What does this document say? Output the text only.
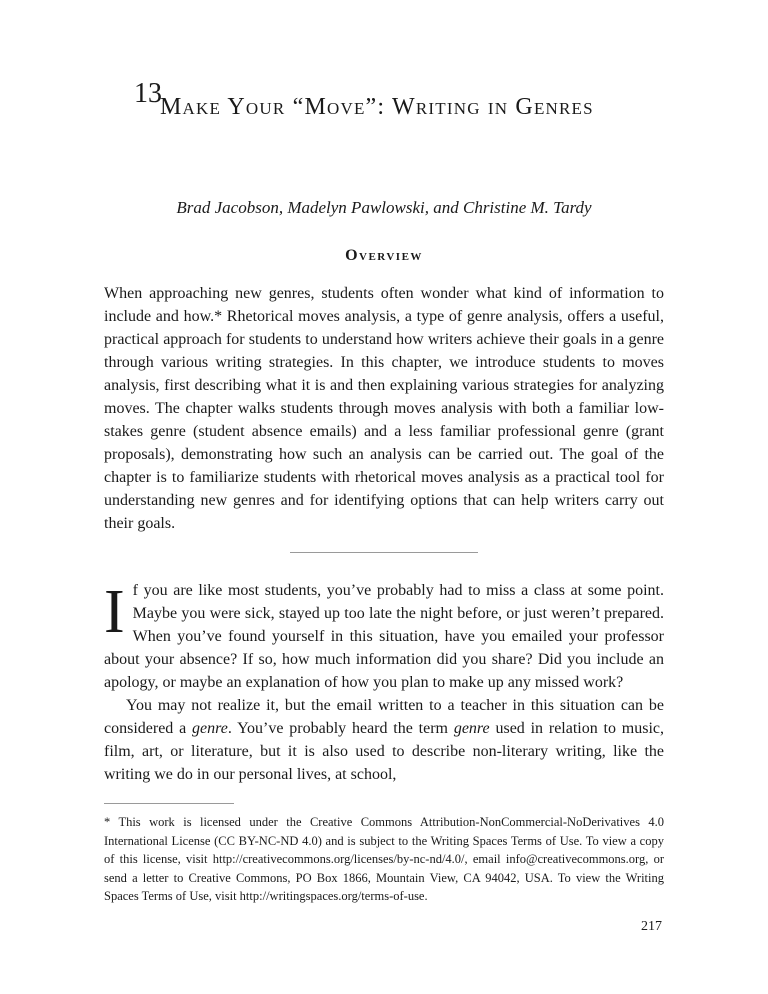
13
Make Your “Move”: Writing in Genres
Brad Jacobson, Madelyn Pawlowski, and Christine M. Tardy
Overview

When approaching new genres, students often wonder what kind of information to include and how.* Rhetorical moves analysis, a type of genre analysis, offers a useful, practical approach for students to understand how writers achieve their goals in a genre through various writing strategies. In this chapter, we introduce students to moves analysis, first describing what it is and then explaining various strategies for analyzing moves. The chapter walks students through moves analysis with both a familiar low-stakes genre (student absence emails) and a less familiar professional genre (grant proposals), demonstrating how such an analysis can be carried out. The goal of the chapter is to familiarize students with rhetorical moves analysis as a practical tool for understanding new genres and for identifying options that can help writers carry out their goals.

If you are like most students, you’ve probably had to miss a class at some point. Maybe you were sick, stayed up too late the night before, or just weren’t prepared. When you’ve found yourself in this situation, have you emailed your professor about your absence? If so, how much information did you share? Did you include an apology, or maybe an explanation of how you plan to make up any missed work?

You may not realize it, but the email written to a teacher in this situation can be considered a genre. You’ve probably heard the term genre used in relation to music, film, art, or literature, but it is also used to describe non-literary writing, like the writing we do in our personal lives, at school,

* This work is licensed under the Creative Commons Attribution-NonCommercial-NoDerivatives 4.0 International License (CC BY-NC-ND 4.0) and is subject to the Writing Spaces Terms of Use. To view a copy of this license, visit http://creativecommons.org/licenses/by-nc-nd/4.0/, email info@creativecommons.org, or send a letter to Creative Commons, PO Box 1866, Mountain View, CA 94042, USA. To view the Writing Spaces Terms of Use, visit http://writingspaces.org/terms-of-use.

217
